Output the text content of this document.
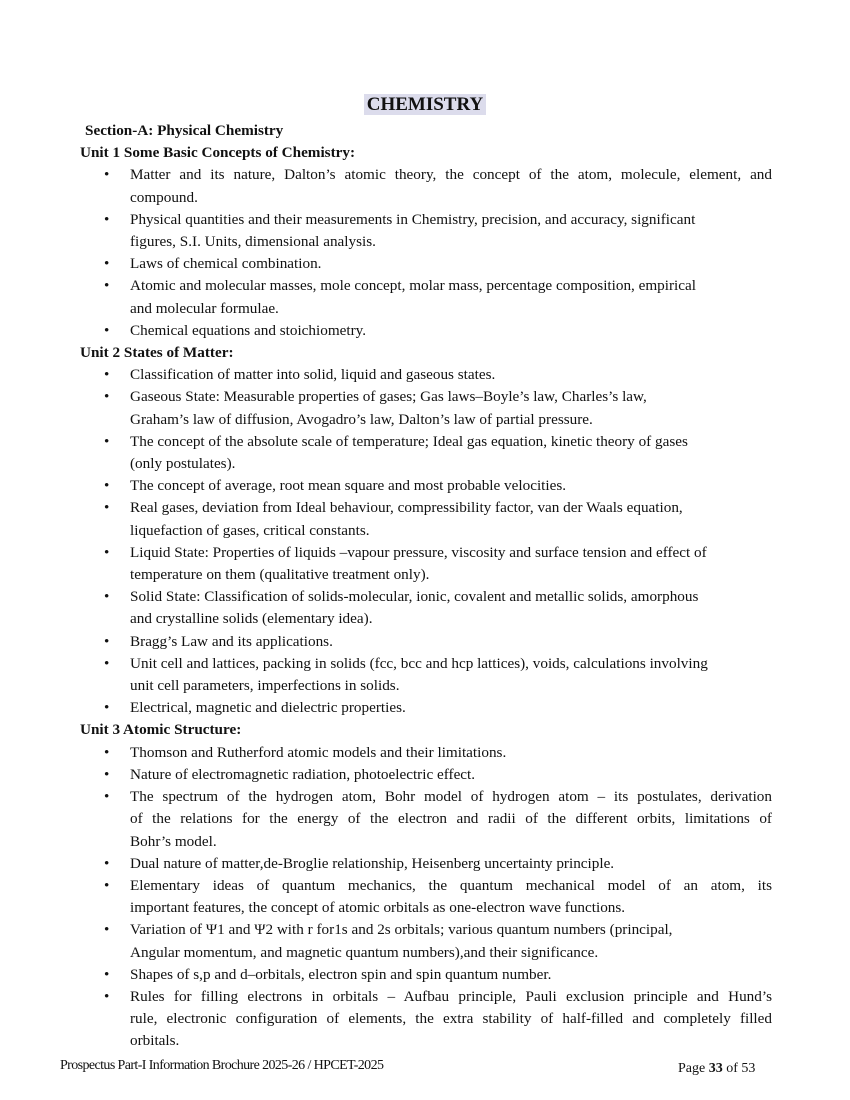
CHEMISTRY
Section-A: Physical Chemistry
Unit 1 Some Basic Concepts of Chemistry:
• Matter and its nature, Dalton’s atomic theory, the concept of the atom, molecule, element, and
compound.
• Physical quantities and their measurements in Chemistry, precision, and accuracy, significant
figures, S.I. Units, dimensional analysis.
• Laws of chemical combination.
• Atomic and molecular masses, mole concept, molar mass, percentage composition, empirical
and molecular formulae.
• Chemical equations and stoichiometry.
Unit 2 States of Matter:
• Classification of matter into solid, liquid and gaseous states.
• Gaseous State: Measurable properties of gases; Gas laws–Boyle’s law, Charles’s law,
Graham’s law of diffusion, Avogadro’s law, Dalton’s law of partial pressure.
• The concept of the absolute scale of temperature; Ideal gas equation, kinetic theory of gases
(only postulates).
• The concept of average, root mean square and most probable velocities.
• Real gases, deviation from Ideal behaviour, compressibility factor, van der Waals equation,
liquefaction of gases, critical constants.
• Liquid State: Properties of liquids –vapour pressure, viscosity and surface tension and effect of
temperature on them (qualitative treatment only).
• Solid State: Classification of solids-molecular, ionic, covalent and metallic solids, amorphous
and crystalline solids (elementary idea).
• Bragg’s Law and its applications.
• Unit cell and lattices, packing in solids (fcc, bcc and hcp lattices), voids, calculations involving
unit cell parameters, imperfections in solids.
• Electrical, magnetic and dielectric properties.
Unit 3 Atomic Structure:
• Thomson and Rutherford atomic models and their limitations.
• Nature of electromagnetic radiation, photoelectric effect.
• The spectrum of the hydrogen atom, Bohr model of hydrogen atom – its postulates, derivation
of the relations for the energy of the electron and radii of the different orbits, limitations of
Bohr’s model.
• Dual nature of matter,de-Broglie relationship, Heisenberg uncertainty principle.
• Elementary ideas of quantum mechanics, the quantum mechanical model of an atom, its
important features, the concept of atomic orbitals as one-electron wave functions.
• Variation of Ψ1 and Ψ2 with r for1s and 2s orbitals; various quantum numbers (principal,
Angular momentum, and magnetic quantum numbers),and their significance.
• Shapes of s,p and d–orbitals, electron spin and spin quantum number.
• Rules for filling electrons in orbitals – Aufbau principle, Pauli exclusion principle and Hund’s
rule, electronic configuration of elements, the extra stability of half-filled and completely filled
orbitals.
Prospectus Part-I Information Brochure 2025-26 / HPCET-2025	Page 33 of 53
